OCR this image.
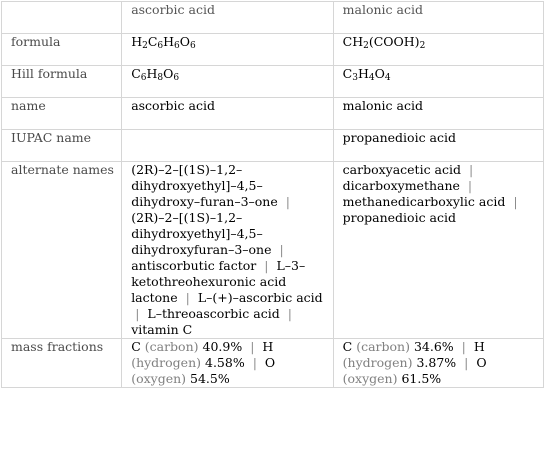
	ascorbic acid	malonic acid
formula	$H_2C_6H_6O_6$	$CH_2(COOH)_2$
Hill formula	$C_6H_8O_6$	$C_3H_4O_4$
name	ascorbic acid	malonic acid
IUPAC name		propanedioic acid
alternate names	(2R)–2–[(1S)–1,2–dihydroxyethyl]–4,5–dihydroxy–furan–3–one | (2R)–2–[(1S)–1,2–dihydroxyethyl]–4,5–dihydroxyfuran–3–one | antiscorbutic factor | L–3–ketothreohexuronic acid lactone | L–(+)–ascorbic acid | L–threoascorbic acid | vitamin C	carboxyacetic acid | dicarboxymethane | methanedicarboxylic acid | propanedioic acid
mass fractions	C (carbon) 40.9% | H (hydrogen) 4.58% | O (oxygen) 54.5%	C (carbon) 34.6% | H (hydrogen) 3.87% | O (oxygen) 61.5%
